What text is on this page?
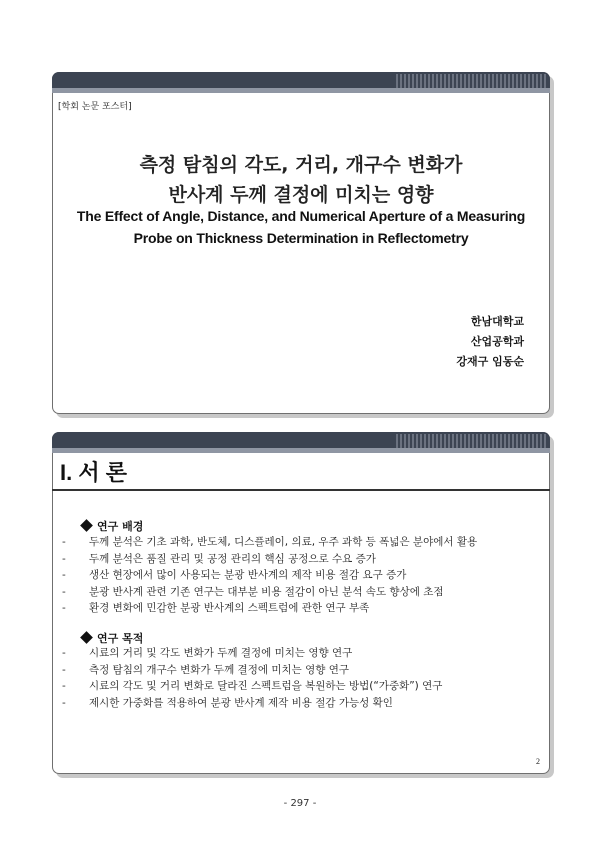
[학회 논문 포스터]
측정 탐침의 각도, 거리, 개구수 변화가
반사계 두께 결정에 미치는 영향
The Effect of Angle, Distance, and Numerical Aperture of a Measuring
Probe on Thickness Determination in Reflectometry
한남대학교
산업공학과
강재구 임동순
I. 서 론
연구 배경
- 두께 분석은 기초 과학, 반도체, 디스플레이, 의료, 우주 과학 등 폭넓은 분야에서 활용
- 두께 분석은 품질 관리 및 공정 관리의 핵심 공정으로 수요 증가
- 생산 현장에서 많이 사용되는 분광 반사계의 제작 비용 절감 요구 증가
- 분광 반사계 관련 기존 연구는 대부분 비용 절감이 아닌 분석 속도 향상에 초점
- 환경 변화에 민감한 분광 반사계의 스펙트럼에 관한 연구 부족
연구 목적
- 시료의 거리 및 각도 변화가 두께 결정에 미치는 영향 연구
- 측정 탐침의 개구수 변화가 두께 결정에 미치는 영향 연구
- 시료의 각도 및 거리 변화로 달라진 스펙트럼을 복원하는 방법(“가중화”) 연구
- 제시한 가중화를 적용하여 분광 반사계 제작 비용 절감 가능성 확인
2
- 297 -
